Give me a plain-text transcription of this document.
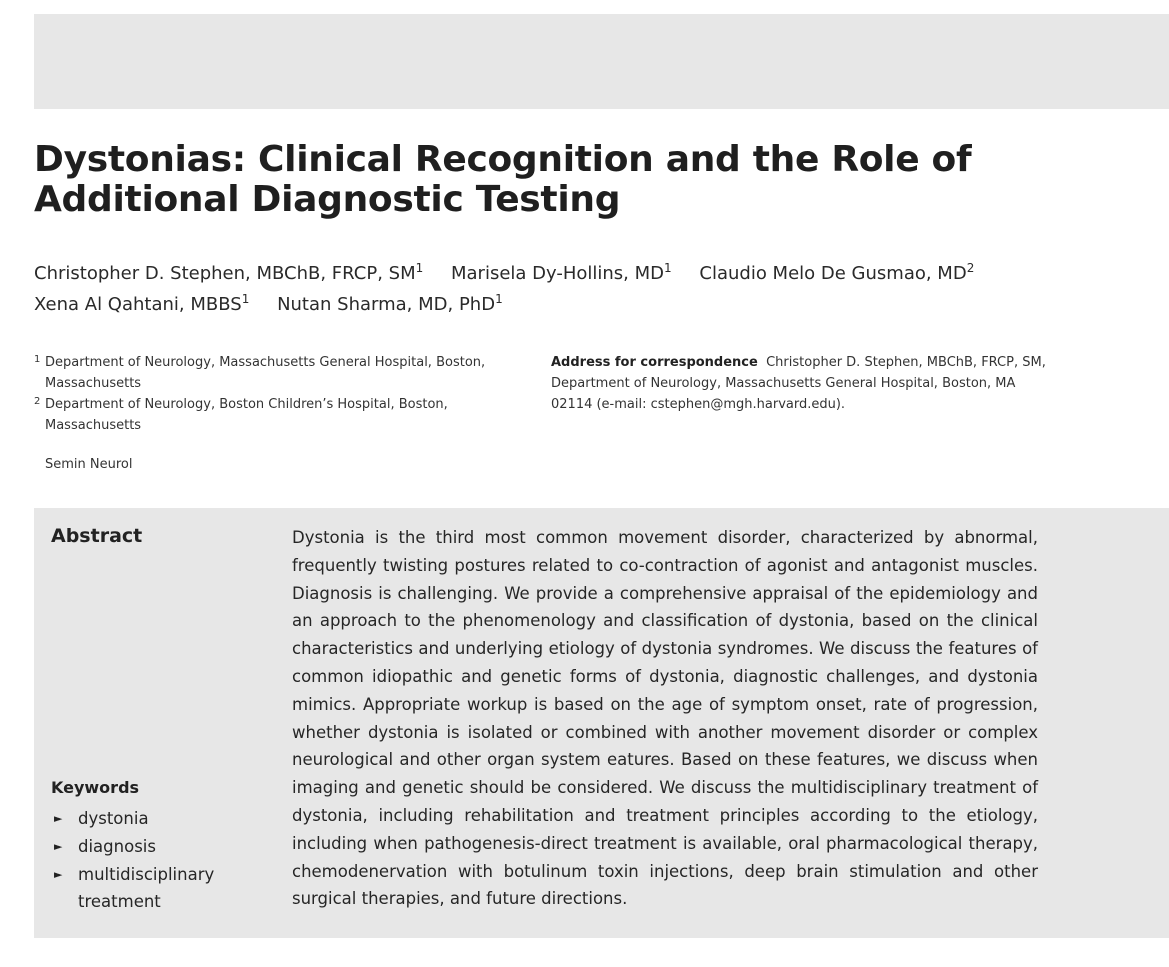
Dystonias: Clinical Recognition and the Role of
Additional Diagnostic Testing
Christopher D. Stephen, MBChB, FRCP, $SM^1$ Marisela Dy-Hollins, $MD^1$ Claudio Melo De Gusmao, $MD^2$
Xena Al Qahtani, MBBS$^1$ Nutan Sharma, MD, PhD$^1$
1 Department of Neurology, Massachusetts General Hospital, Boston, Massachusetts
2 Department of Neurology, Boston Children’s Hospital, Boston, Massachusetts
Address for correspondence Christopher D. Stephen, MBChB, FRCP, SM, Department of Neurology, Massachusetts General Hospital, Boston, MA 02114 (e-mail: cstephen@mgh.harvard.edu).
Semin Neurol
Abstract	Dystonia is the third most common movement disorder, characterized by abnormal, frequently twisting postures related to co-contraction of agonist and antagonist muscles. Diagnosis is challenging. We provide a comprehensive appraisal of the epidemiology and an approach to the phenomenology and classification of dystonia, based on the clinical characteristics and underlying etiology of dystonia syndromes. We discuss the features of common idiopathic and genetic forms of dystonia, diagnostic challenges, and dystonia mimics. Appropriate workup is based on the age of symptom onset, rate of progression, whether dystonia is isolated or combined with another movement disorder or complex neurological and other organ system eatures. Based on these features, we discuss when imaging and genetic should be considered. We discuss the multidisciplinary treatment of dystonia, including rehabilitation and treatment principles according to the etiology, including when pathogenesis-direct treatment is available, oral pharmacological therapy, chemodenervation with botulinum toxin injections, deep brain stimulation and other surgical therapies, and future directions.

Keywords
► dystonia
► diagnosis
► multidisciplinary treatment
